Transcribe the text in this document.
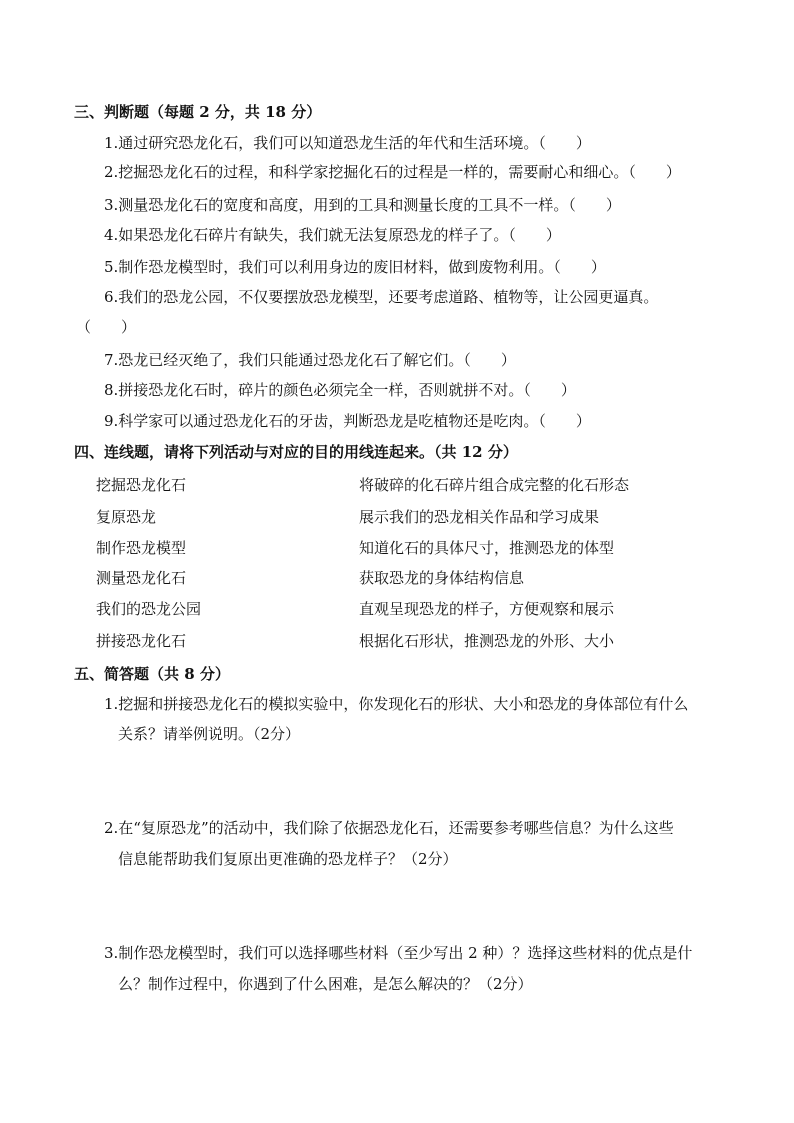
三、判断题（每题 2 分，共 18 分）
1.通过研究恐龙化石，我们可以知道恐龙生活的年代和生活环境。（　　）
2.挖掘恐龙化石的过程，和科学家挖掘化石的过程是一样的，需要耐心和细心。（　　）
3.测量恐龙化石的宽度和高度，用到的工具和测量长度的工具不一样。（　　）
4.如果恐龙化石碎片有缺失，我们就无法复原恐龙的样子了。（　　）
5.制作恐龙模型时，我们可以利用身边的废旧材料，做到废物利用。（　　）
6.我们的恐龙公园，不仅要摆放恐龙模型，还要考虑道路、植物等，让公园更逼真。
（　　）
7.恐龙已经灭绝了，我们只能通过恐龙化石了解它们。（　　）
8.拼接恐龙化石时，碎片的颜色必须完全一样，否则就拼不对。（　　）
9.科学家可以通过恐龙化石的牙齿，判断恐龙是吃植物还是吃肉。（　　）
四、连线题，请将下列活动与对应的目的用线连起来。（共 12 分）
挖掘恐龙化石
复原恐龙
制作恐龙模型
测量恐龙化石
我们的恐龙公园
拼接恐龙化石
将破碎的化石碎片组合成完整的化石形态
展示我们的恐龙相关作品和学习成果
知道化石的具体尺寸，推测恐龙的体型
获取恐龙的身体结构信息
直观呈现恐龙的样子，方便观察和展示
根据化石形状，推测恐龙的外形、大小
五、简答题（共 8 分）
1.挖掘和拼接恐龙化石的模拟实验中，你发现化石的形状、大小和恐龙的身体部位有什么
关系？请举例说明。（2分）
2.在“复原恐龙”的活动中，我们除了依据恐龙化石，还需要参考哪些信息？为什么这些
信息能帮助我们复原出更准确的恐龙样子？（2分）
3.制作恐龙模型时，我们可以选择哪些材料（至少写出 2 种）？选择这些材料的优点是什
么？制作过程中，你遇到了什么困难，是怎么解决的？（2分）
